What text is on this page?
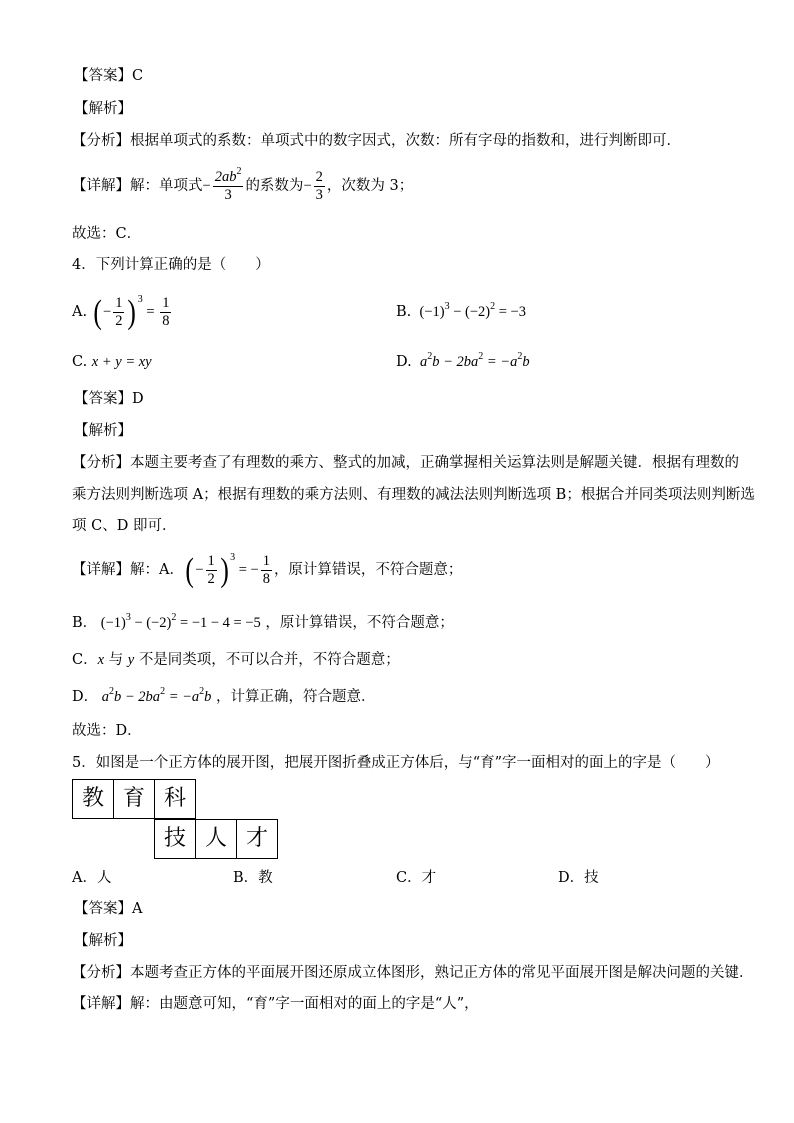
【答案】C
【解析】
【分析】根据单项式的系数：单项式中的数字因式，次数：所有字母的指数和，进行判断即可．
【详解】解：单项式− $\frac{2ab^2}{3}$ 的系数为− $\frac{2}{3}$ ，次数为 3；
故选：C．
4．下列计算正确的是（　　）
A. (− $\frac{1}{2} )^3 = \frac{1}{8}$	B.  $(-1)^3 - (-2)^2 = -3$
C. x + y = xy	D.  $a^2b - 2ba^2 = -a^2b$
【答案】D
【解析】
【分析】本题主要考查了有理数的乘方、整式的加减，正确掌握相关运算法则是解题关键．根据有理数的
乘方法则判断选项 A；根据有理数的乘方法则、有理数的减法法则判断选项 B；根据合并同类项法则判断选
项 C、D 即可．
【详解】解：A．(− $\frac{1}{2} )^3$ = − $\frac{1}{8}$ ，原计算错误，不符合题意；
B． $(-1)^3 - (-2)^2 = -1 - 4 = -5$ ，原计算错误，不符合题意；
C．x 与 y 不是同类项，不可以合并，不符合题意；
D． $a^2b - 2ba^2 = -a^2b$ ，计算正确，符合题意．
故选：D．
5．如图是一个正方体的展开图，把展开图折叠成正方体后，与“育”字一面相对的面上的字是（　　）
教 育 科
技 人 才
A．人	B．教	C．才	D．技
【答案】A
【解析】
【分析】本题考查正方体的平面展开图还原成立体图形，熟记正方体的常见平面展开图是解决问题的关键．
【详解】解：由题意可知，“育”字一面相对的面上的字是“人”，
